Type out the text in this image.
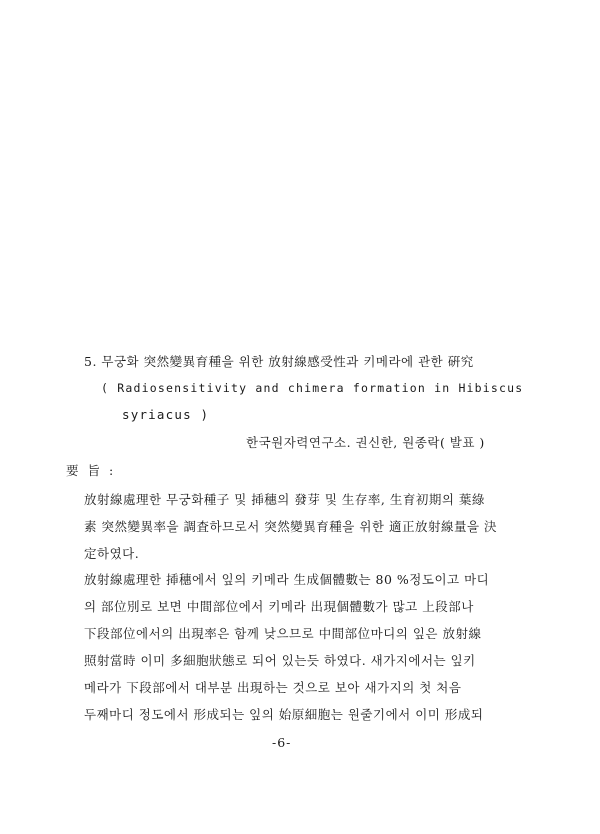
5. 무궁화 突然變異育種을 위한 放射線感受性과 키메라에 관한 硏究
( Radiosensitivity and chimera formation in Hibiscus
syriacus )
한국원자력연구소. 권신한, 원종락( 발표 )
要 旨 :
放射線處理한 무궁화種子 및 揷穗의 發芽 및 生存率, 生育初期의 葉綠
素 突然變異率을 調査하므로서 突然變異育種을 위한 適正放射線量을 決
定하였다.
放射線處理한 揷穗에서 잎의 키메라 生成個體數는 80 %정도이고 마디
의 部位別로 보면 中間部位에서 키메라 出現個體數가 많고 上段部나
下段部位에서의 出現率은 함께 낮으므로 中間部位마디의 잎은 放射線
照射當時 이미 多細胞狀態로 되어 있는듯 하였다. 새가지에서는 잎키
메라가 下段部에서 대부분 出現하는 것으로 보아 새가지의 첫 처음
두째마디 정도에서 形成되는 잎의 始原細胞는 원줄기에서 이미 形成되
-6-
